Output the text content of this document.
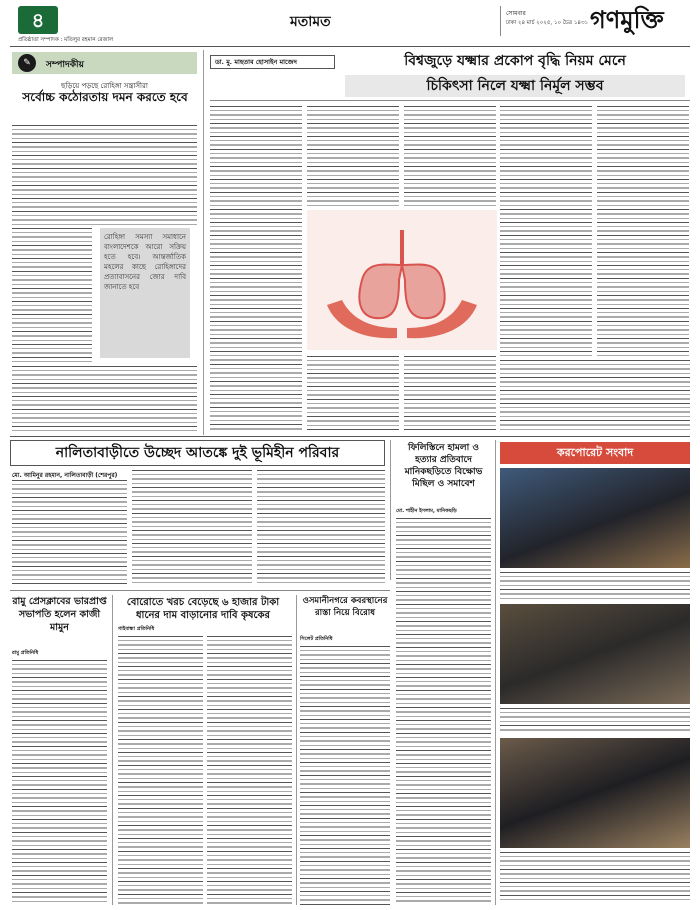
৪	মতামত
সোমবার
ঢাকা ২৪ মার্চ ২০২৫, ১০ চৈত্র ১৪৩১ গণমুক্তি
প্রতিষ্ঠাতা সম্পাদক : মতিলুর রহমান রেজাল
✎	সম্পাদকীয়
ছড়িয়ে পড়ছে রোহিঙ্গা সন্ত্রাসীরা
সর্বোচ্চ কঠোরতায় দমন করতে হবে
রোহিঙ্গা সমস্যা সমাধানে বাংলাদেশকে আরো সক্রিয় হতে হবে। আন্তর্জাতিক মহলের কাছে রোহিঙ্গাদের প্রত্যাবাসনের জোর দাবি জানাতে হবে
ডা. মু. মাহতাব হোসাইন মাজেদ	বিশ্বজুড়ে যক্ষ্মার প্রকোপ বৃদ্ধি নিয়ম মেনে
চিকিৎসা নিলে যক্ষ্মা নির্মূল সম্ভব
নালিতাবাড়ীতে উচ্ছেদ আতঙ্কে দুই ভূমিহীন পরিবার
মো. আমিনুর রহমান, নালিতাবাড়ী (শেরপুর)
ফিলিস্তিনে হামলা ও হত্যার প্রতিবাদে মানিকছড়িতে বিক্ষোভ মিছিল ও সমাবেশ
মো. শাহীন ইসলাম, মানিকছড়ি
করপোরেট সংবাদ
রামু প্রেসক্লাবের ভারপ্রাপ্ত সভাপতি হলেন কাজী মামুন
রামু প্রতিনিধি
বোরোতে খরচ বেড়েছে ৬ হাজার টাকা ধানের দাম বাড়ানোর দাবি কৃষকের
গাইবান্ধা প্রতিনিধি
ওসমানীনগরে কবরস্থানের রাস্তা নিয়ে বিরোধ
সিলেট প্রতিনিধি
